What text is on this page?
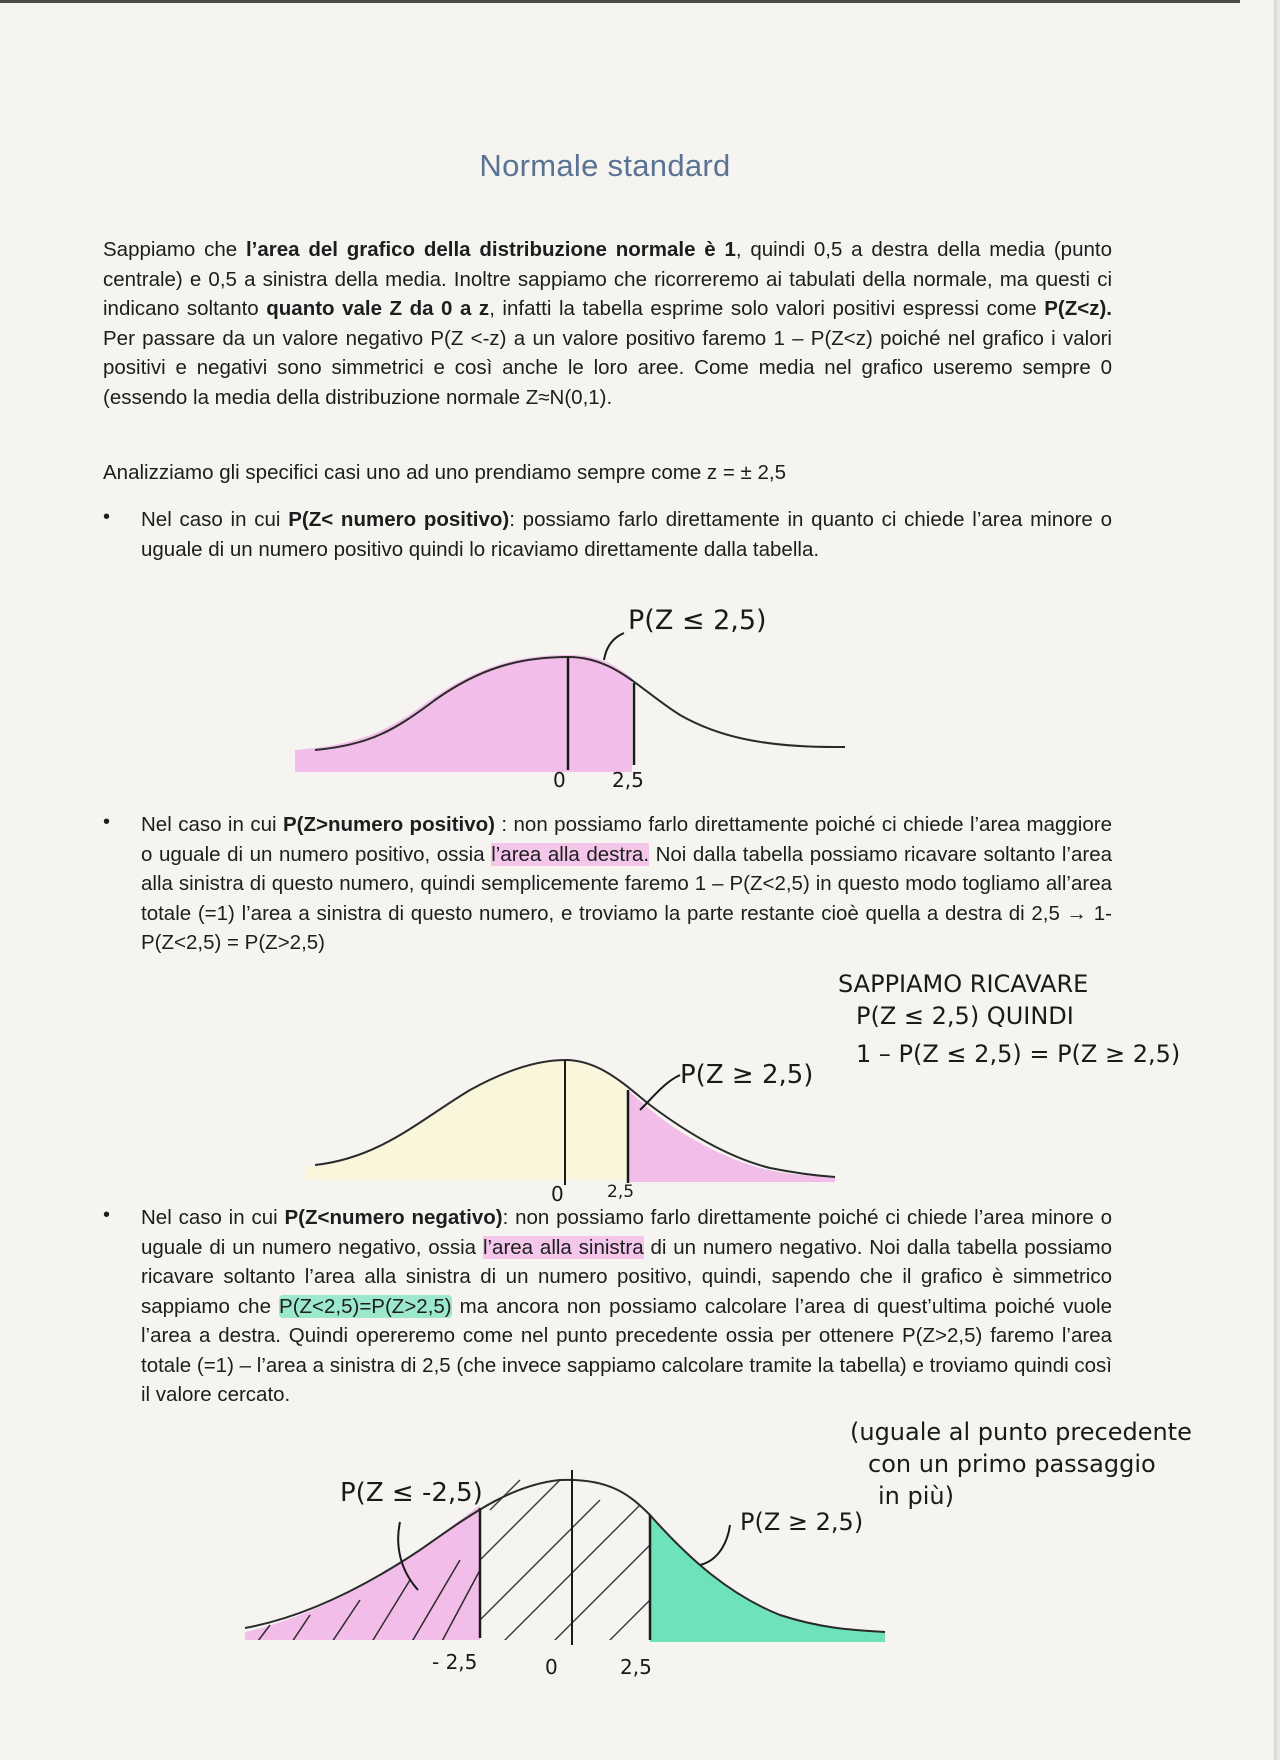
Normale standard

Sappiamo che l’area del grafico della distribuzione normale è 1, quindi 0,5 a destra della media (punto centrale) e 0,5 a sinistra della media. Inoltre sappiamo che ricorreremo ai tabulati della normale, ma questi ci indicano soltanto quanto vale Z da 0 a z, infatti la tabella esprime solo valori positivi espressi come P(Z<z). Per passare da un valore negativo P(Z <-z) a un valore positivo faremo 1 – P(Z<z) poiché nel grafico i valori positivi e negativi sono simmetrici e così anche le loro aree. Come media nel grafico useremo sempre 0 (essendo la media della distribuzione normale Z≈N(0,1).

Analizziamo gli specifici casi uno ad uno prendiamo sempre come z = ± 2,5

• Nel caso in cui P(Z< numero positivo): possiamo farlo direttamente in quanto ci chiede l’area minore o uguale di un numero positivo quindi lo ricaviamo direttamente dalla tabella.

• Nel caso in cui P(Z>numero positivo) : non possiamo farlo direttamente poiché ci chiede l’area maggiore o uguale di un numero positivo, ossia l’area alla destra. Noi dalla tabella possiamo ricavare soltanto l’area alla sinistra di questo numero, quindi semplicemente faremo 1 – P(Z<2,5) in questo modo togliamo all’area totale (=1) l’area a sinistra di questo numero, e troviamo la parte restante cioè quella a destra di 2,5 → 1-P(Z<2,5) = P(Z>2,5)

• Nel caso in cui P(Z<numero negativo): non possiamo farlo direttamente poiché ci chiede l’area minore o uguale di un numero negativo, ossia l’area alla sinistra di un numero negativo. Noi dalla tabella possiamo ricavare soltanto l’area alla sinistra di un numero positivo, quindi, sapendo che il grafico è simmetrico sappiamo che P(Z<2,5)=P(Z>2,5) ma ancora non possiamo calcolare l’area di quest’ultima poiché vuole l’area a destra. Quindi opereremo come nel punto precedente ossia per ottenere P(Z>2,5) faremo l’area totale (=1) – l’area a sinistra di 2,5 (che invece sappiamo calcolare tramite la tabella) e troviamo quindi così il valore cercato.

P(Z ≤ 2,5)
0 2,5
P(Z ≥ 2,5)
0	2,5
SAPPIAMO RICAVARE
P(Z ≤ 2,5) QUINDI
1 – P(Z ≤ 2,5) = P(Z ≥ 2,5)
(uguale al punto precedente
con un primo passaggio
in più)
P(Z ≤ -2,5)
P(Z ≥ 2,5)
- 2,5	0	2,5
